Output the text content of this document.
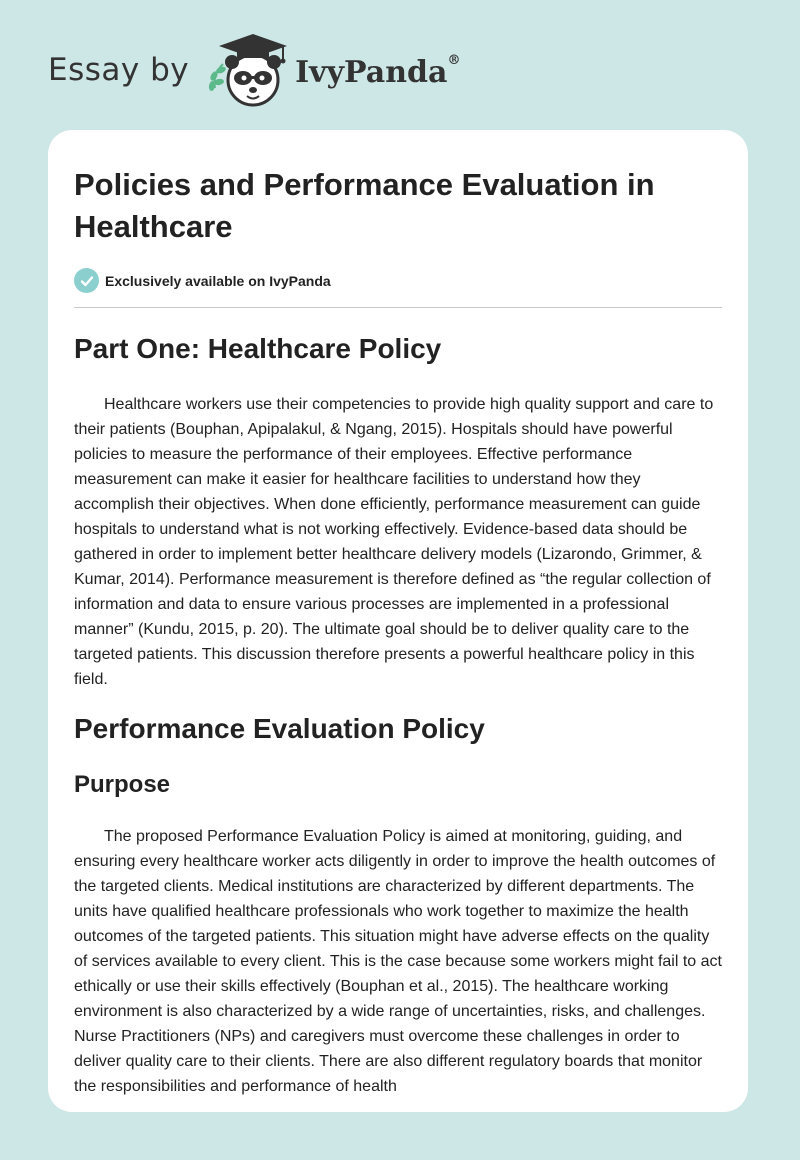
Essay by	IvyPanda®
Policies and Performance Evaluation in Healthcare
Exclusively available on IvyPanda
Part One: Healthcare Policy

Healthcare workers use their competencies to provide high quality support and care to their patients (Bouphan, Apipalakul, & Ngang, 2015). Hospitals should have powerful policies to measure the performance of their employees. Effective performance measurement can make it easier for healthcare facilities to understand how they accomplish their objectives. When done efficiently, performance measurement can guide hospitals to understand what is not working effectively. Evidence-based data should be gathered in order to implement better healthcare delivery models (Lizarondo, Grimmer, & Kumar, 2014). Performance measurement is therefore defined as “the regular collection of information and data to ensure various processes are implemented in a professional manner” (Kundu, 2015, p. 20). The ultimate goal should be to deliver quality care to the targeted patients. This discussion therefore presents a powerful healthcare policy in this field.

Performance Evaluation Policy
Purpose

The proposed Performance Evaluation Policy is aimed at monitoring, guiding, and ensuring every healthcare worker acts diligently in order to improve the health outcomes of the targeted clients. Medical institutions are characterized by different departments. The units have qualified healthcare professionals who work together to maximize the health outcomes of the targeted patients. This situation might have adverse effects on the quality of services available to every client. This is the case because some workers might fail to act ethically or use their skills effectively (Bouphan et al., 2015). The healthcare working environment is also characterized by a wide range of uncertainties, risks, and challenges. Nurse Practitioners (NPs) and caregivers must overcome these challenges in order to deliver quality care to their clients. There are also different regulatory boards that monitor the responsibilities and performance of health
